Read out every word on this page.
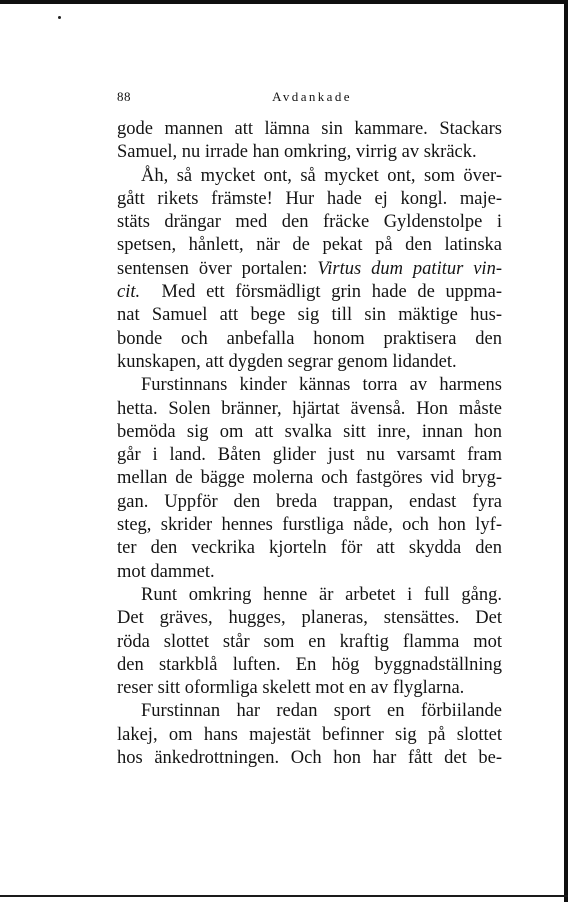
88	Avdankade
gode mannen att lämna sin kammare. Stackars
Samuel, nu irrade han omkring, virrig av skräck.
Åh, så mycket ont, så mycket ont, som över-
gått rikets främste! Hur hade ej kongl. maje-
stäts drängar med den fräcke Gyldenstolpe i
spetsen, hånlett, när de pekat på den latinska
sentensen över portalen: Virtus dum patitur vin-
cit.  Med ett försmädligt grin hade de uppma-
nat Samuel att bege sig till sin mäktige hus-
bonde och anbefalla honom praktisera den
kunskapen, att dygden segrar genom lidandet.
Furstinnans kinder kännas torra av harmens
hetta. Solen bränner, hjärtat ävenså. Hon måste
bemöda sig om att svalka sitt inre, innan hon
går i land. Båten glider just nu varsamt fram
mellan de bägge molerna och fastgöres vid bryg-
gan. Uppför den breda trappan, endast fyra
steg, skrider hennes furstliga nåde, och hon lyf-
ter den veckrika kjorteln för att skydda den
mot dammet.
Runt omkring henne är arbetet i full gång.
Det gräves, hugges, planeras, stensättes. Det
röda slottet står som en kraftig flamma mot
den starkblå luften. En hög byggnadställning
reser sitt oformliga skelett mot en av flyglarna.
Furstinnan har redan sport en förbiilande
lakej, om hans majestät befinner sig på slottet
hos änkedrottningen. Och hon har fått det be-
